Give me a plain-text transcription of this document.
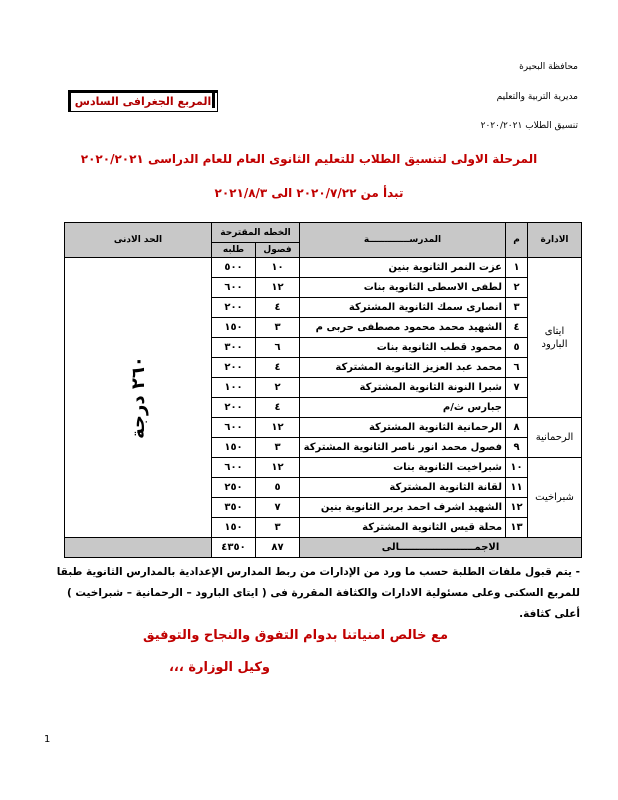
محافظة البحيرة
مديرية التربية والتعليم
تنسيق الطلاب ٢٠٢٠/٢٠٢١
المربع الجغرافى السادس
المرحلة الاولى لتنسيق الطلاب للتعليم الثانوى العام للعام الدراسى ٢٠٢٠/٢٠٢١
تبدأ من ٢٠٢٠/٧/٢٢ الى ٢٠٢١/٨/٣
الادارة	م	المدرســـــــــــــة	الخطه المقترحة		الحد الادنى
			فصول	طلبه	
ايتاى البارود	١	عزت النمر الثانوية بنين	١٠	٥٠٠	٢٦٠ درجة
	٢	لطفى الاسطى الثانوية بنات	١٢	٦٠٠	
	٣	انصارى سمك الثانوية المشتركة	٤	٢٠٠	
	٤	الشهيد محمد محمود مصطفى حربى م	٣	١٥٠	
	٥	محمود قطب الثانوية بنات	٦	٣٠٠	
	٦	محمد عبد العزيز الثانوية المشتركة	٤	٢٠٠	
	٧	شبرا النونة الثانوية المشتركة	٢	١٠٠	
		جبارس ث/م	٤	٢٠٠	
الرحمانية	٨	الرحمانية الثانوية المشتركة	١٢	٦٠٠	
	٩	فصول محمد انور ناصر الثانوية المشتركة	٣	١٥٠	
شبراخيت	١٠	شبراخيت الثانوية بنات	١٢	٦٠٠	
	١١	لقانة الثانوية المشتركة	٥	٢٥٠	
	١٢	الشهيد اشرف احمد بربر الثانوية بنين	٧	٣٥٠	
	١٣	محلة قيس الثانوية المشتركة	٣	١٥٠	
الاجمــــــــــــــــــــــالى			٨٧	٤٣٥٠	
- يتم قبول ملفات الطلبة حسب ما ورد من الإدارات من ربط المدارس الإعدادية بالمدارس الثانوية طبقا للمربع السكنى وعلى مسئولية الادارات والكثافة المقررة فى ( ايتاى البارود – الرحمانية – شبراخيت ) أعلى كثافة.
مع خالص امنياتنا بدوام التفوق والنجاح والتوفيق
وكيل الوزارة ،،،
1
